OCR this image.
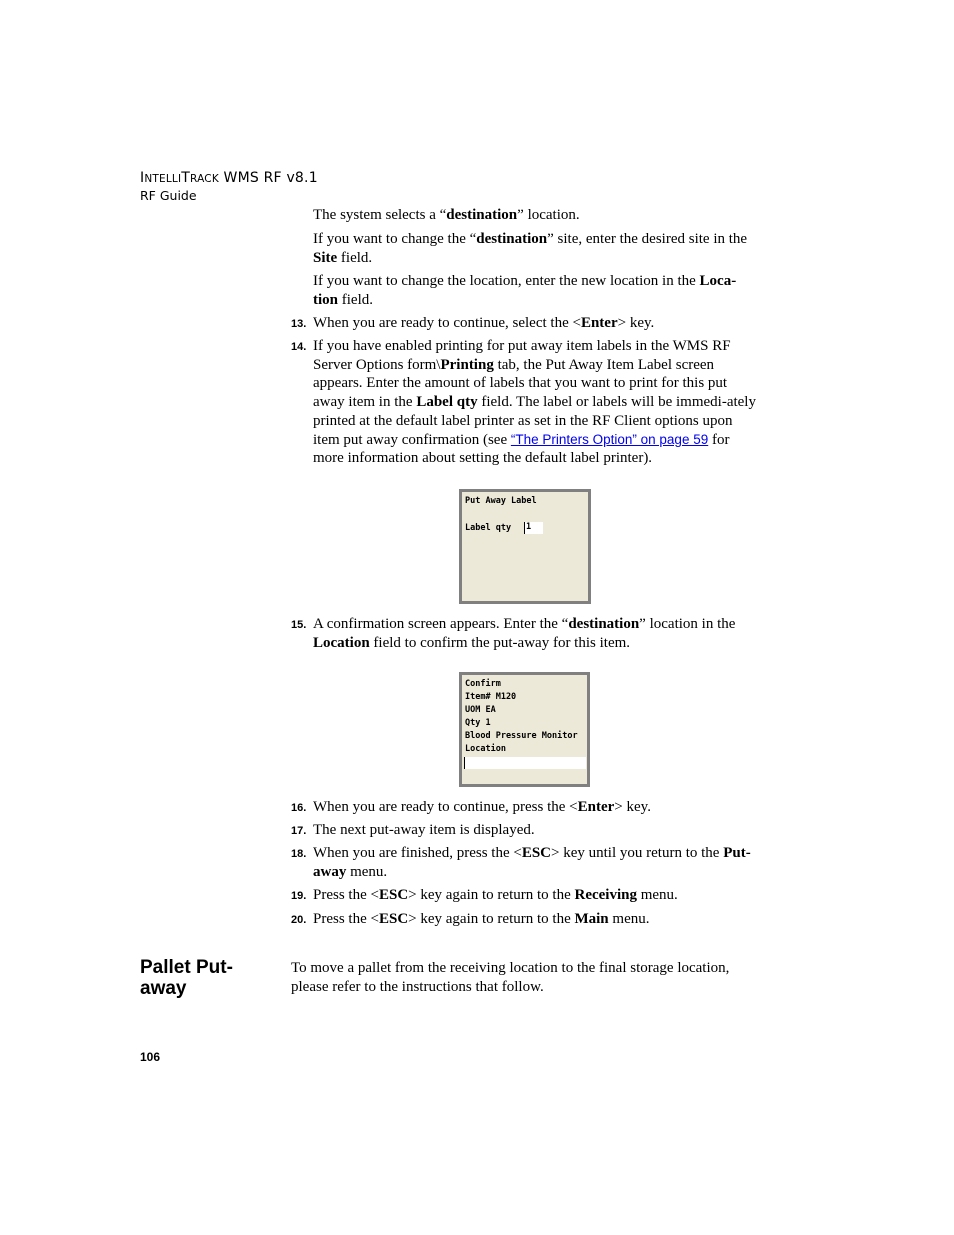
INTELLITRACK WMS RF v8.1
RF Guide
The system selects a “destination” location.
If you want to change the “destination” site, enter the desired site in the Site field.
If you want to change the location, enter the new location in the Loca-tion field.
13. When you are ready to continue, select the <Enter> key.
14. If you have enabled printing for put away item labels in the WMS RF Server Options form\Printing tab, the Put Away Item Label screen appears. Enter the amount of labels that you want to print for this put away item in the Label qty field. The label or labels will be immedi-ately printed at the default label printer as set in the RF Client options upon item put away confirmation (see “The Printers Option” on page 59 for more information about setting the default label printer).
Put Away Label
Label qty 1
15. A confirmation screen appears. Enter the “destination” location in the Location field to confirm the put-away for this item.
Confirm
Item# M120
UOM EA
Qty 1
Blood Pressure Monitor
Location
16. When you are ready to continue, press the <Enter> key.
17. The next put-away item is displayed.
18. When you are finished, press the <ESC> key until you return to the Put-away menu.
19. Press the <ESC> key again to return to the Receiving menu.
20. Press the <ESC> key again to return to the Main menu.
Pallet Put-away
To move a pallet from the receiving location to the final storage location, please refer to the instructions that follow.
106
